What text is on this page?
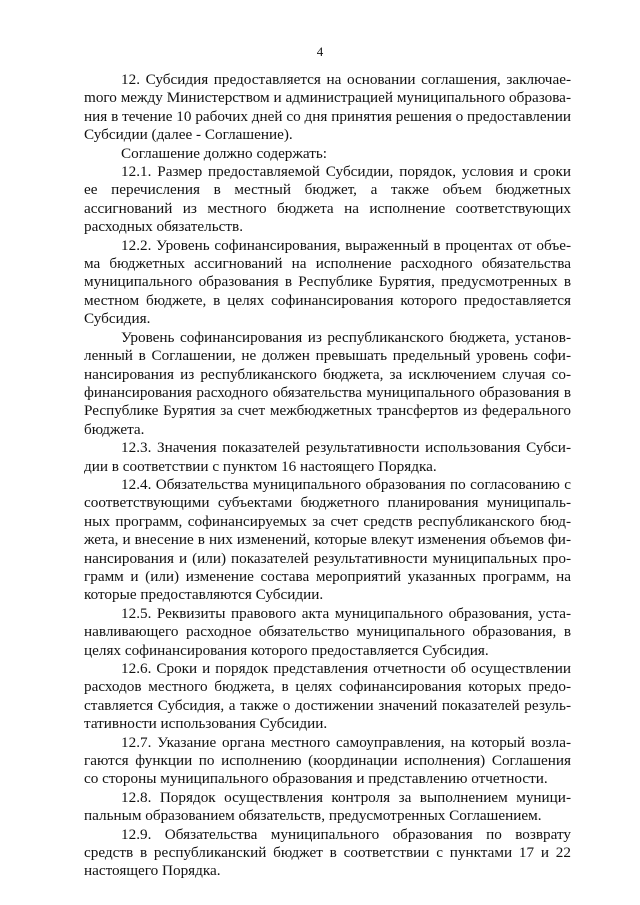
4

12. Субсидия предоставляется на основании соглашения, заключаеmого между Министерством и администрацией муниципального образования в течение 10 рабочих дней со дня принятия решения о предоставлении Субсидии (далее - Соглашение).

Соглашение должно содержать:

12.1. Размер предоставляемой Субсидии, порядок, условия и сроки ее перечисления в местный бюджет, а также объем бюджетных ассигнований из местного бюджета на исполнение соответствующих расходных обязательств.

12.2. Уровень софинансирования, выраженный в процентах от объема бюджетных ассигнований на исполнение расходного обязательства муниципального образования в Республике Бурятия, предусмотренных в местном бюджете, в целях софинансирования которого предоставляется Субсидия.

Уровень софинансирования из республиканского бюджета, установленный в Соглашении, не должен превышать предельный уровень софинансирования из республиканского бюджета, за исключением случая софинансирования расходного обязательства муниципального образования в Республике Бурятия за счет межбюджетных трансфертов из федерального бюджета.

12.3. Значения показателей результативности использования Субсидии в соответствии с пунктом 16 настоящего Порядка.

12.4. Обязательства муниципального образования по согласованию с соответствующими субъектами бюджетного планирования муниципальных программ, софинансируемых за счет средств республиканского бюджета, и внесение в них изменений, которые влекут изменения объемов финансирования и (или) показателей результативности муниципальных программ и (или) изменение состава мероприятий указанных программ, на которые предоставляются Субсидии.

12.5. Реквизиты правового акта муниципального образования, устанавливающего расходное обязательство муниципального образования, в целях софинансирования которого предоставляется Субсидия.

12.6. Сроки и порядок представления отчетности об осуществлении расходов местного бюджета, в целях софинансирования которых предоставляется Субсидия, а также о достижении значений показателей результативности использования Субсидии.

12.7. Указание органа местного самоуправления, на который возлагаются функции по исполнению (координации исполнения) Соглашения со стороны муниципального образования и представлению отчетности.

12.8. Порядок осуществления контроля за выполнением муниципальным образованием обязательств, предусмотренных Соглашением.

12.9. Обязательства муниципального образования по возврату средств в республиканский бюджет в соответствии с пунктами 17 и 22 настоящего Порядка.
